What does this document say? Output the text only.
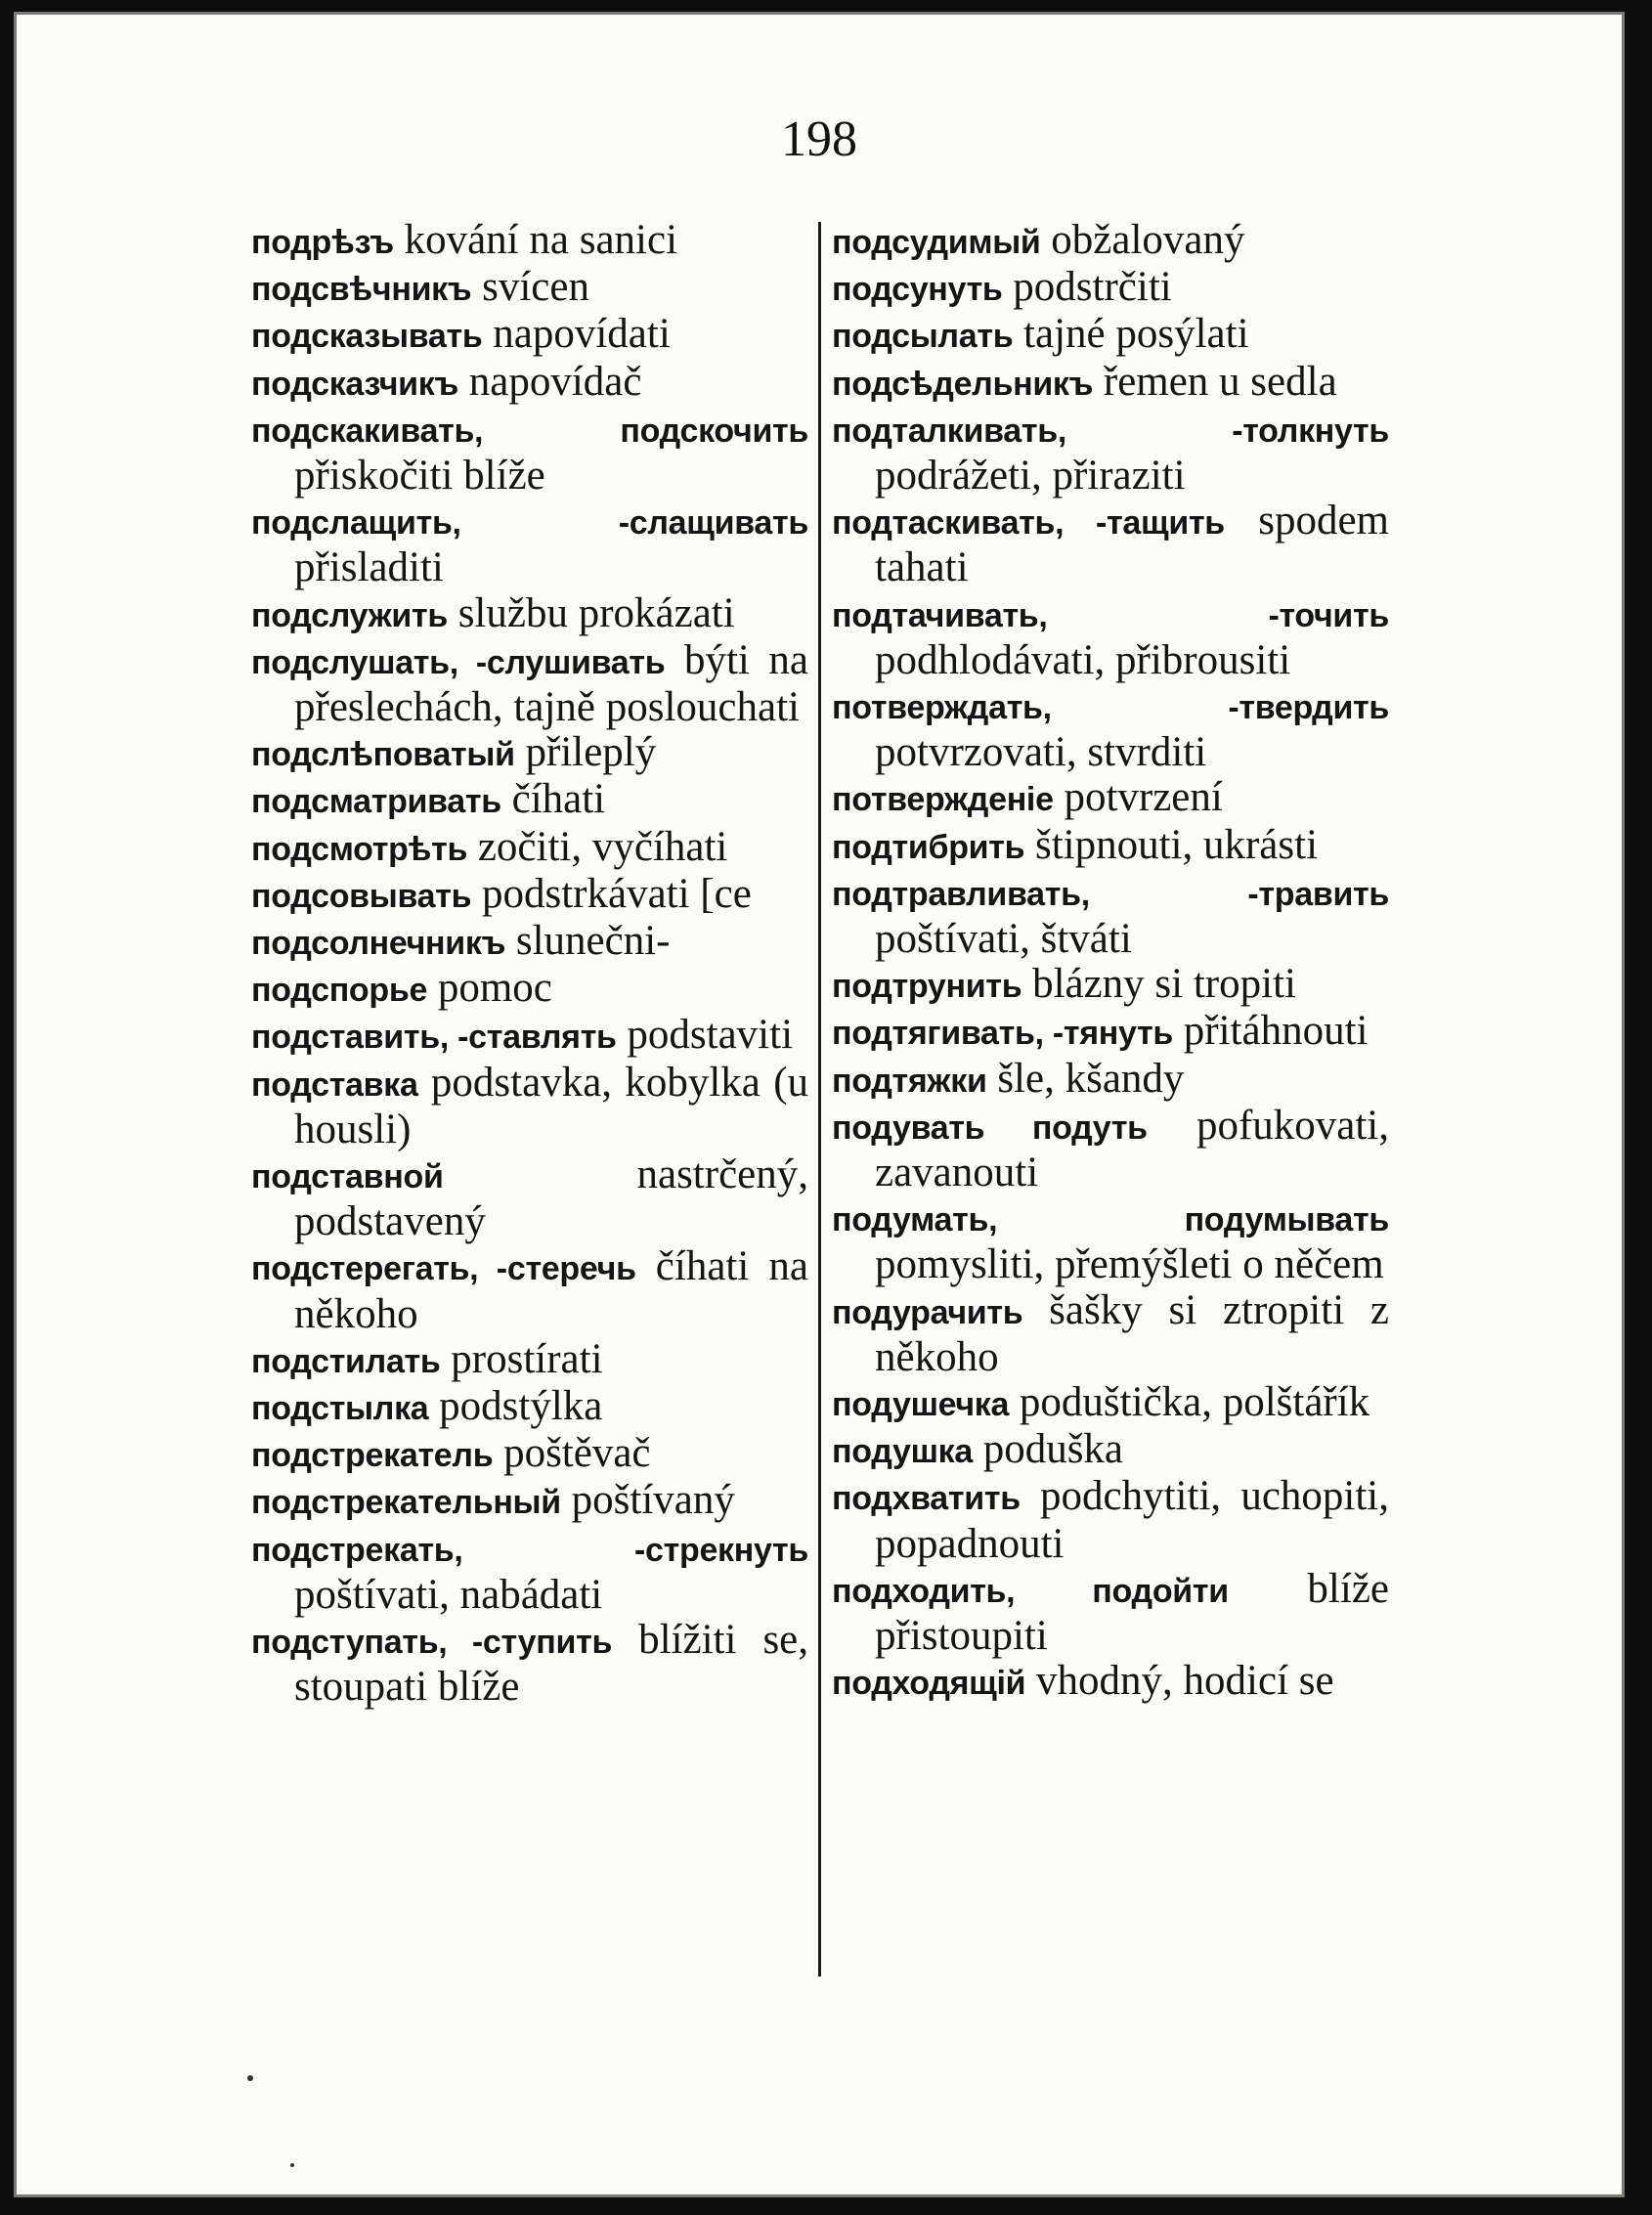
198
подрѣзъ kování na sanici
подсвѣчникъ svícen
подсказывать napovídati
подсказчикъ napovídač
подскакивать, подскочить přiskočiti blíže
подслащить, -слащивать přisladiti
подслужить službu prokázati
подслушать, -слушивать býti na přeslechách, tajně poslouchati
подслѣповатый přileplý
подсматривать číhati
подсмотрѣть zočiti, vyčíhati
подсовывать podstrkávati [ce
подсолнечникъ slunečni-
подспорье pomoc
подставить, -ставлять podstaviti
подставка podstavka, kobylka (u housli)
подставной	nastrčený, podstavený
подстерегать, -стеречь číhati na někoho
подстилать prostírati
подстылка podstýlka
подстрекатель poštěvač
подстрекательный poštívaný
подстрекать, -стрекнуть poštívati, nabádati
подступать, -ступить blížiti se, stoupati blíže
подсудимый obžalovaný
подсунуть podstrčiti
подсылать tajné posýlati
подсѣдельникъ řemen u sedla
подталкивать, -толкнуть podrážeti, přiraziti
подтаскивать, -тащить spodem tahati
подтачивать, -точить podhlodávati, přibrousiti
потверждать, -твердить potvrzovati, stvrditi
потвержденіе potvrzení
подтибрить štipnouti, ukrásti
подтравливать, -травить poštívati, štváti
подтрунить blázny si tropiti
подтягивать, -тянуть přitáhnouti
подтяжки šle, kšandy
подувать подуть pofukovati, zavanouti
подумать, подумывать pomysliti, přemýšleti o něčem
подурачить šašky si ztropiti z někoho
подушечка poduštička, polštářík
подушка poduška
подхватить podchytiti, uchopiti, popadnouti
подходить, подойти blíže přistoupiti
подходящій vhodný, hodicí se
